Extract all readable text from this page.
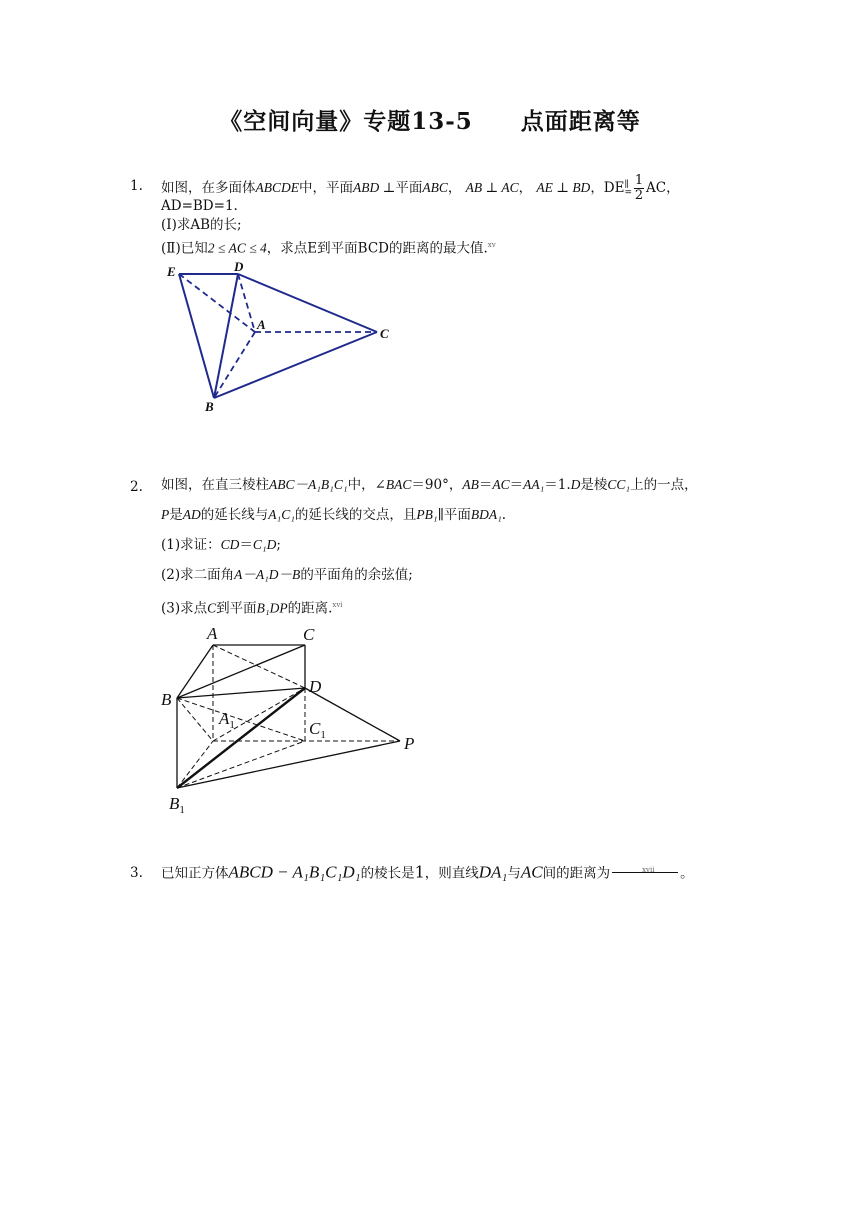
《空间向量》专题13-5　　点面距离等
1. 如图，在多面体ABCDE中，平面ABD ⊥平面ABC， AB ⊥ AC， AE ⊥ BD，DE ∥
= $\frac{1}{2}$ AC，
AD=BD=1.
(Ⅰ)求AB的长;
(Ⅱ)已知2 ≤ AC ≤ 4，求点E到平面BCD的距离的最大值.$^{xv}$
E	D
A
C
B
2. 如图，在直三棱柱ABC－A₁B₁C₁中，∠BAC＝90°，AB＝AC＝AA₁＝1.D是棱CC₁上的一点，
P是AD的延长线与A₁C₁的延长线的交点，且PB₁∥平面BDA₁.
(1)求证：CD＝C₁D;
(2)求二面角A－A₁D－B的平面角的余弦值;
(3)求点C到平面B₁DP的距离.$^{xvi}$
A	C
B
D
$A_1$	$C_1$	P
$B_1$
3. 已知正方体ABCD − A₁B₁C₁D₁的棱长是1，则直线DA₁与AC间的距离为	$^{xvii}$ 。
